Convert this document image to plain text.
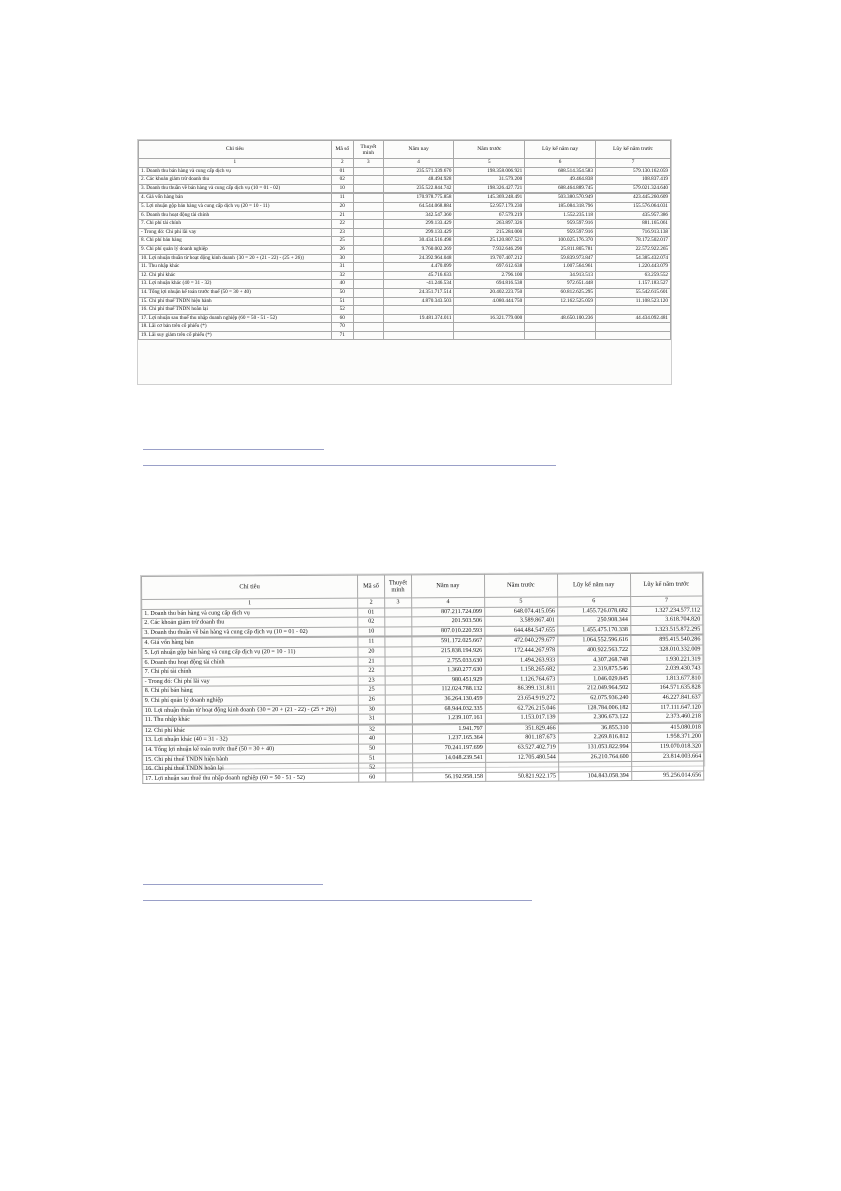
Chỉ tiêu	Mã số	Thuyết minh	Năm nay	Năm trước	Lũy kế năm nay	Lũy kế năm trước
1	2	3	4	5	6	7
1. Doanh thu bán hàng và cung cấp dịch vụ	01		235.571.339.670	198.358.006.921	688.514.354.583	579.130.162.059
2. Các khoản giảm trừ doanh thu	02		48.494.928	31.579.200	49.464.838	108.837.419
3. Doanh thu thuần về bán hàng và cung cấp dịch vụ (10 = 01 - 02)	10		235.522.844.742	198.326.427.721	688.464.889.745	579.021.324.640

4. Giá vốn hàng bán	11		170.978.775.858	145.369.248.491	503.380.570.949	423.445.260.609
5. Lợi nhuận gộp bán hàng và cung cấp dịch vụ (20 = 10 - 11)	20		64.544.068.884	52.957.179.230	185.084.318.796	155.576.064.031
6. Doanh thu hoạt động tài chính	21		342.547.360	67.579.219	1.552.235.118	435.957.386
7. Chi phí tài chính	22		299.133.429	263.897.326	959.597.916	881.165.061
- Trong đó: Chi phí lãi vay	23		299.133.429	215.284.000	959.597.916	716.913.138
8. Chi phí bán hàng	25		30.434.516.498	25.120.807.521	100.025.176.370	78.172.502.017
9. Chi phí quản lý doanh nghiệp	26		9.760.002.269	7.932.646.290	25.811.805.781	22.572.922.265
10. Lợi nhuận thuần từ hoạt động kinh doanh {30 = 20 + (21 - 22) - (25 + 26)}	30		24.392.964.048	19.707.407.212	59.839.973.847	54.385.432.074
11. Thu nhập khác	31		4.470.099	697.612.638	1.007.564.961	1.220.443.079
12. Chi phí khác	32		45.716.633	2.796.100	34.913.513	63.259.552
13. Lợi nhuận khác (40 = 31 - 32)	40		-41.246.534	694.816.538	972.651.448	1.157.183.527
14. Tổng lợi nhuận kế toán trước thuế (50 = 30 + 40)	50		24.351.717.514	20.402.223.750	60.812.625.295	55.542.615.601
15. Chi phí thuế TNDN hiện hành	51		4.870.343.503	4.080.444.750	12.162.525.059	11.108.523.120
16. Chi phí thuế TNDN hoãn lại	52					
17. Lợi nhuận sau thuế thu nhập doanh nghiệp (60 = 50 - 51 - 52)	60		19.481.374.011	16.321.779.000	48.650.100.236	44.434.092.481
18. Lãi cơ bản trên cổ phiếu (*)	70					
19. Lãi suy giảm trên cổ phiếu (*)	71					
Chỉ tiêu	Mã số	Thuyết minh	Năm nay	Năm trước	Lũy kế năm nay	Lũy kế năm trước
1	2	3	4	5	6	7
1. Doanh thu bán hàng và cung cấp dịch vụ	01		807.211.724.099	648.074.415.056	1.455.726.078.682	1.327.234.577.112
2. Các khoản giảm trừ doanh thu	02		201.503.506	3.589.867.401	250.908.344	3.618.704.820
3. Doanh thu thuần về bán hàng và cung cấp dịch vụ (10 = 01 - 02)	10		807.010.220.593	644.484.547.655	1.455.475.170.338	1.323.515.872.295

4. Giá vốn hàng bán	11		591.172.025.667	472.040.279.677	1.064.552.596.616	895.415.540.286
5. Lợi nhuận gộp bán hàng và cung cấp dịch vụ (20 = 10 - 11)	20		215.838.194.926	172.444.267.978	400.922.563.722	328.010.332.009
6. Doanh thu hoạt động tài chính	21		2.755.033.630	1.494.263.933	4.307.268.748	1.930.221.319
7. Chi phí tài chính	22		1.360.277.630	1.158.265.682	2.319,875.546	2.039.430.743
- Trong đó: Chi phí lãi vay	23		980.451.929	1.126.764.673	1.046.029.845	1.813.677.810
8. Chi phí bán hàng	25		112.024.788.132	86.399.131.811	212.049.964.502	164.571.635.828
9. Chi phí quản lý doanh nghiệp	26		36.264.130.459	23.654.919.272	62.075.936.240	46.227.841.637
10. Lợi nhuận thuần từ hoạt động kinh doanh {30 = 20 + (21 - 22) - (25 + 26)}	30		68.944.032.335	62.726.215.046	128.784.006.182	117.111.647.120
11. Thu nhập khác	31		1.239.107.161	1.153.017.139	2.306.673.122	2.373.460.218

12. Chi phí khác	32		1.941.797	351.829.466	36.855.310	415.080.018
13. Lợi nhuận khác (40 = 31 - 32)	40		1.237.165.364	801.187.673	2.269.816.812	1.958.371.200
14. Tổng lợi nhuận kế toán trước thuế (50 = 30 + 40)	50		70.241.197.699	63.527.402.719	131.053.822.994	119.070.018.320
15. Chi phí thuế TNDN hiện hành	51		14.048.239.541	12.705.480.544	26.210.764.600	23.814.003.664
16. Chi phí thuế TNDN hoãn lại	52					
17. Lợi nhuận sau thuế thu nhập doanh nghiệp (60 = 50 - 51 - 52)	60		56.192.958.158	50.821.922.175	104.843.058.394	95.256.014.656
